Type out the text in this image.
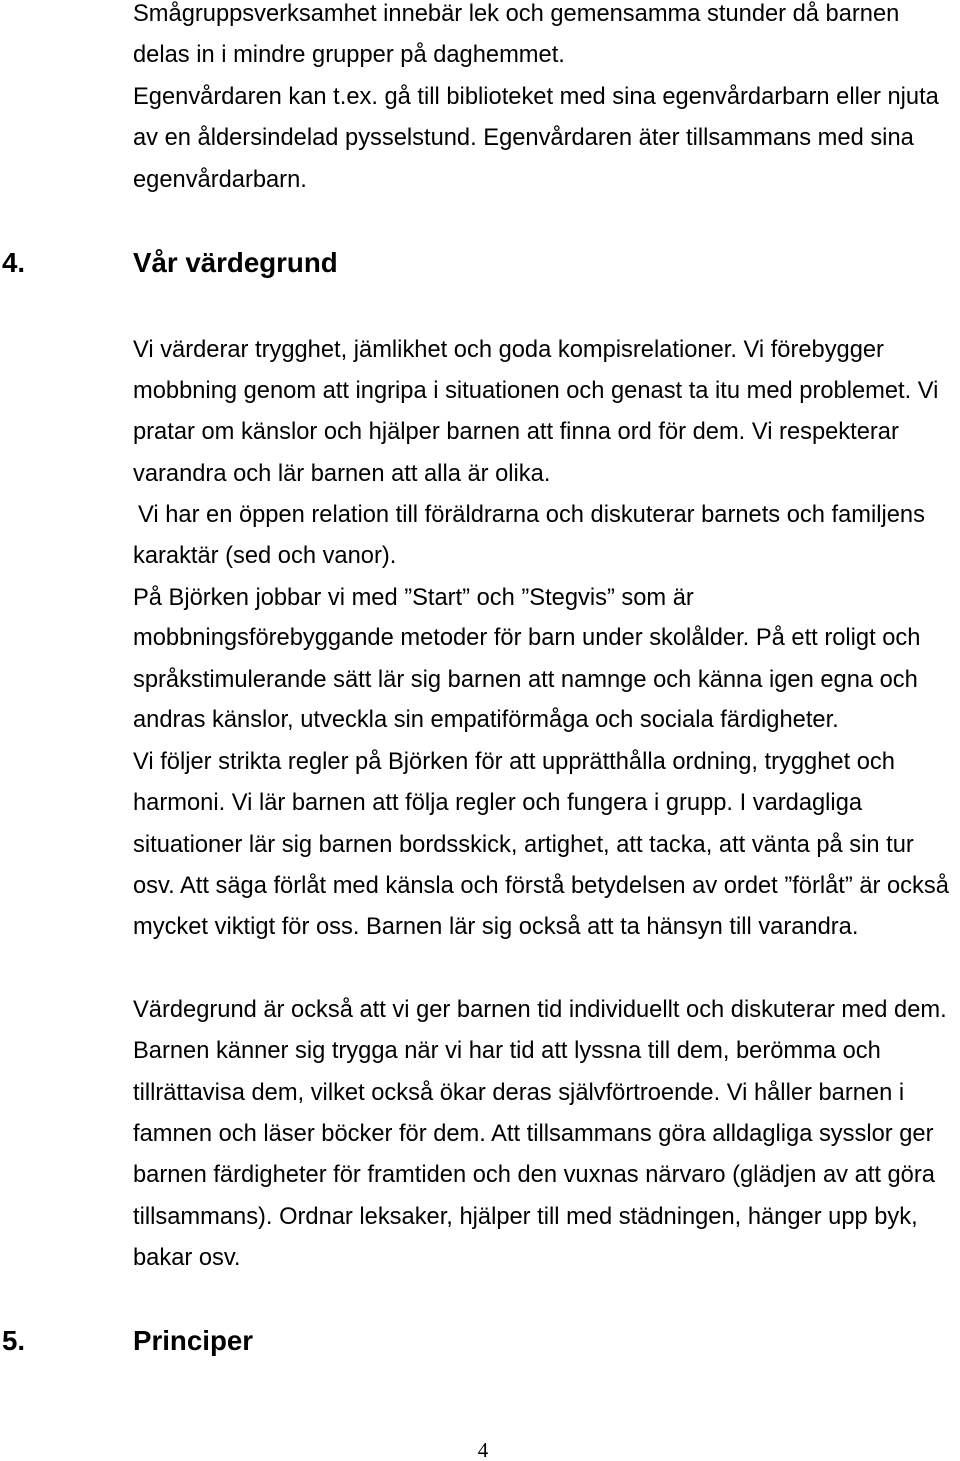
Smågruppsverksamhet innebär lek och gemensamma stunder då barnen
delas in i mindre grupper på daghemmet.
Egenvårdaren kan t.ex. gå till biblioteket med sina egenvårdarbarn eller njuta
av en åldersindelad pysselstund. Egenvårdaren äter tillsammans med sina
egenvårdarbarn.
4.	Vår värdegrund
Vi värderar trygghet, jämlikhet och goda kompisrelationer. Vi förebygger
mobbning genom att ingripa i situationen och genast ta itu med problemet. Vi
pratar om känslor och hjälper barnen att finna ord för dem. Vi respekterar
varandra och lär barnen att alla är olika.
Vi har en öppen relation till föräldrarna och diskuterar barnets och familjens
karaktär (sed och vanor).
På Björken jobbar vi med ”Start” och ”Stegvis” som är
mobbningsförebyggande metoder för barn under skolålder. På ett roligt och
språkstimulerande sätt lär sig barnen att namnge och känna igen egna och
andras känslor, utveckla sin empatiförmåga och sociala färdigheter.
Vi följer strikta regler på Björken för att upprätthålla ordning, trygghet och
harmoni. Vi lär barnen att följa regler och fungera i grupp. I vardagliga
situationer lär sig barnen bordsskick, artighet, att tacka, att vänta på sin tur
osv. Att säga förlåt med känsla och förstå betydelsen av ordet ”förlåt” är också
mycket viktigt för oss. Barnen lär sig också att ta hänsyn till varandra.
Värdegrund är också att vi ger barnen tid individuellt och diskuterar med dem.
Barnen känner sig trygga när vi har tid att lyssna till dem, berömma och
tillrättavisa dem, vilket också ökar deras självförtroende. Vi håller barnen i
famnen och läser böcker för dem. Att tillsammans göra alldagliga sysslor ger
barnen färdigheter för framtiden och den vuxnas närvaro (glädjen av att göra
tillsammans). Ordnar leksaker, hjälper till med städningen, hänger upp byk,
bakar osv.
5.	Principer
4
